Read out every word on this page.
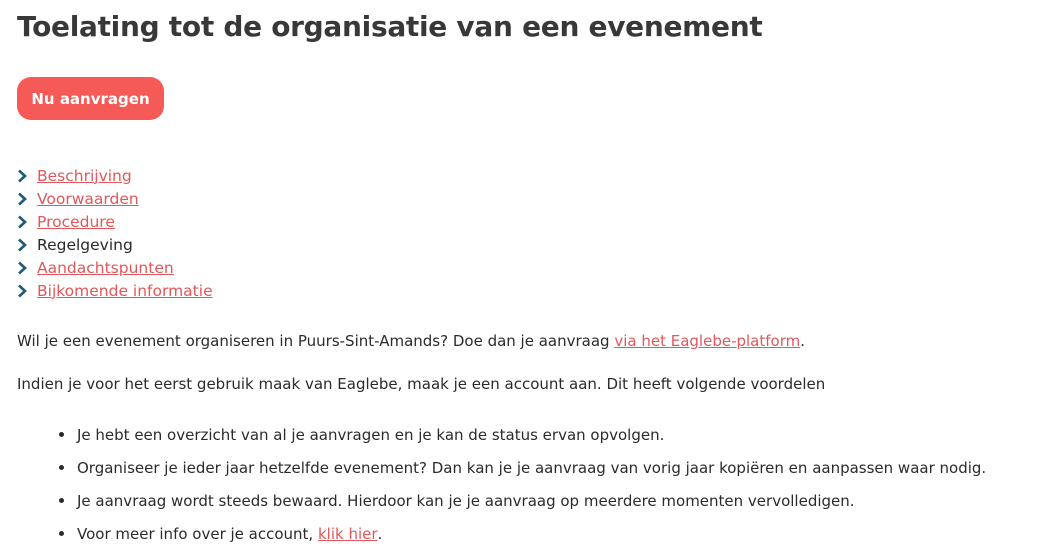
Toelating tot de organisatie van een evenement
Nu aanvragen
Beschrijving
Voorwaarden
Procedure
Regelgeving
Aandachtspunten
Bijkomende informatie

Wil je een evenement organiseren in Puurs-Sint-Amands? Doe dan je aanvraag via het Eaglebe-platform.

Indien je voor het eerst gebruik maak van Eaglebe, maak je een account aan. Dit heeft volgende voordelen

Je hebt een overzicht van al je aanvragen en je kan de status ervan opvolgen.
Organiseer je ieder jaar hetzelfde evenement? Dan kan je je aanvraag van vorig jaar kopiëren en aanpassen waar nodig.
Je aanvraag wordt steeds bewaard. Hierdoor kan je je aanvraag op meerdere momenten vervolledigen.
Voor meer info over je account,
klik hier .
